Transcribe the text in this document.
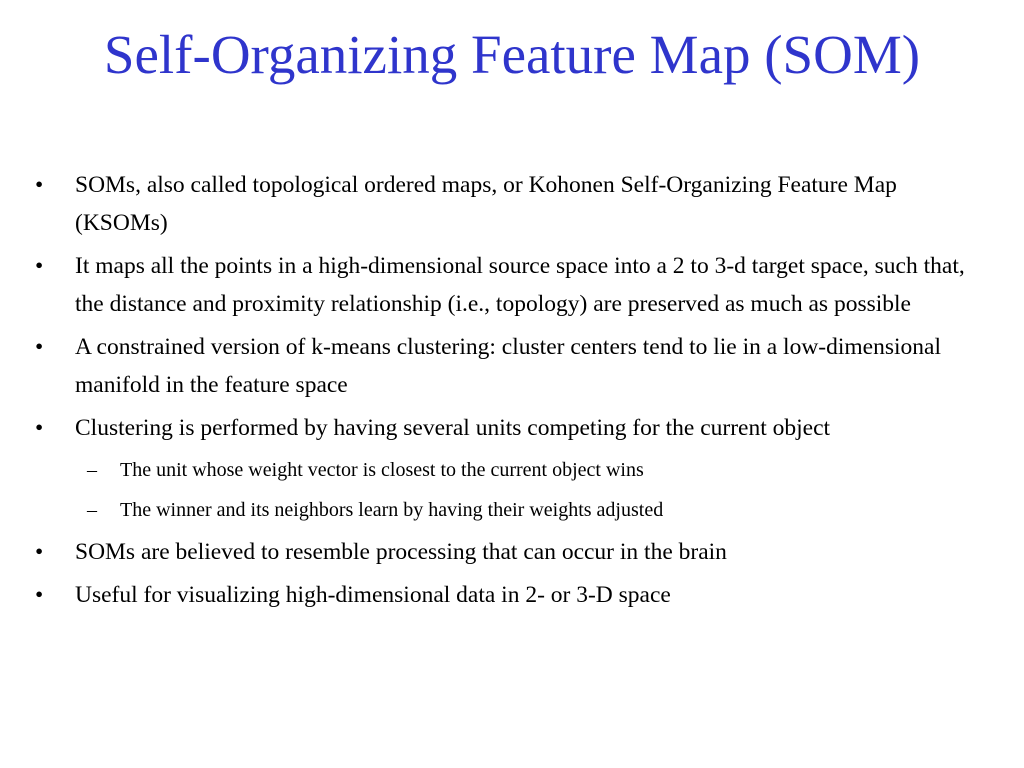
Self-Organizing Feature Map (SOM)
•	SOMs, also called topological ordered maps, or Kohonen Self-Organizing Feature Map (KSOMs)
•	It maps all the points in a high-dimensional source space into a 2 to 3-d target space, such that, the distance and proximity relationship (i.e., topology) are preserved as much as possible
•	A constrained version of k-means clustering: cluster centers tend to lie in a low-dimensional manifold in the feature space
•	Clustering is performed by having several units competing for the current object
–	The unit whose weight vector is closest to the current object wins
–	The winner and its neighbors learn by having their weights adjusted
•	SOMs are believed to resemble processing that can occur in the brain
•	Useful for visualizing high-dimensional data in 2- or 3-D space
